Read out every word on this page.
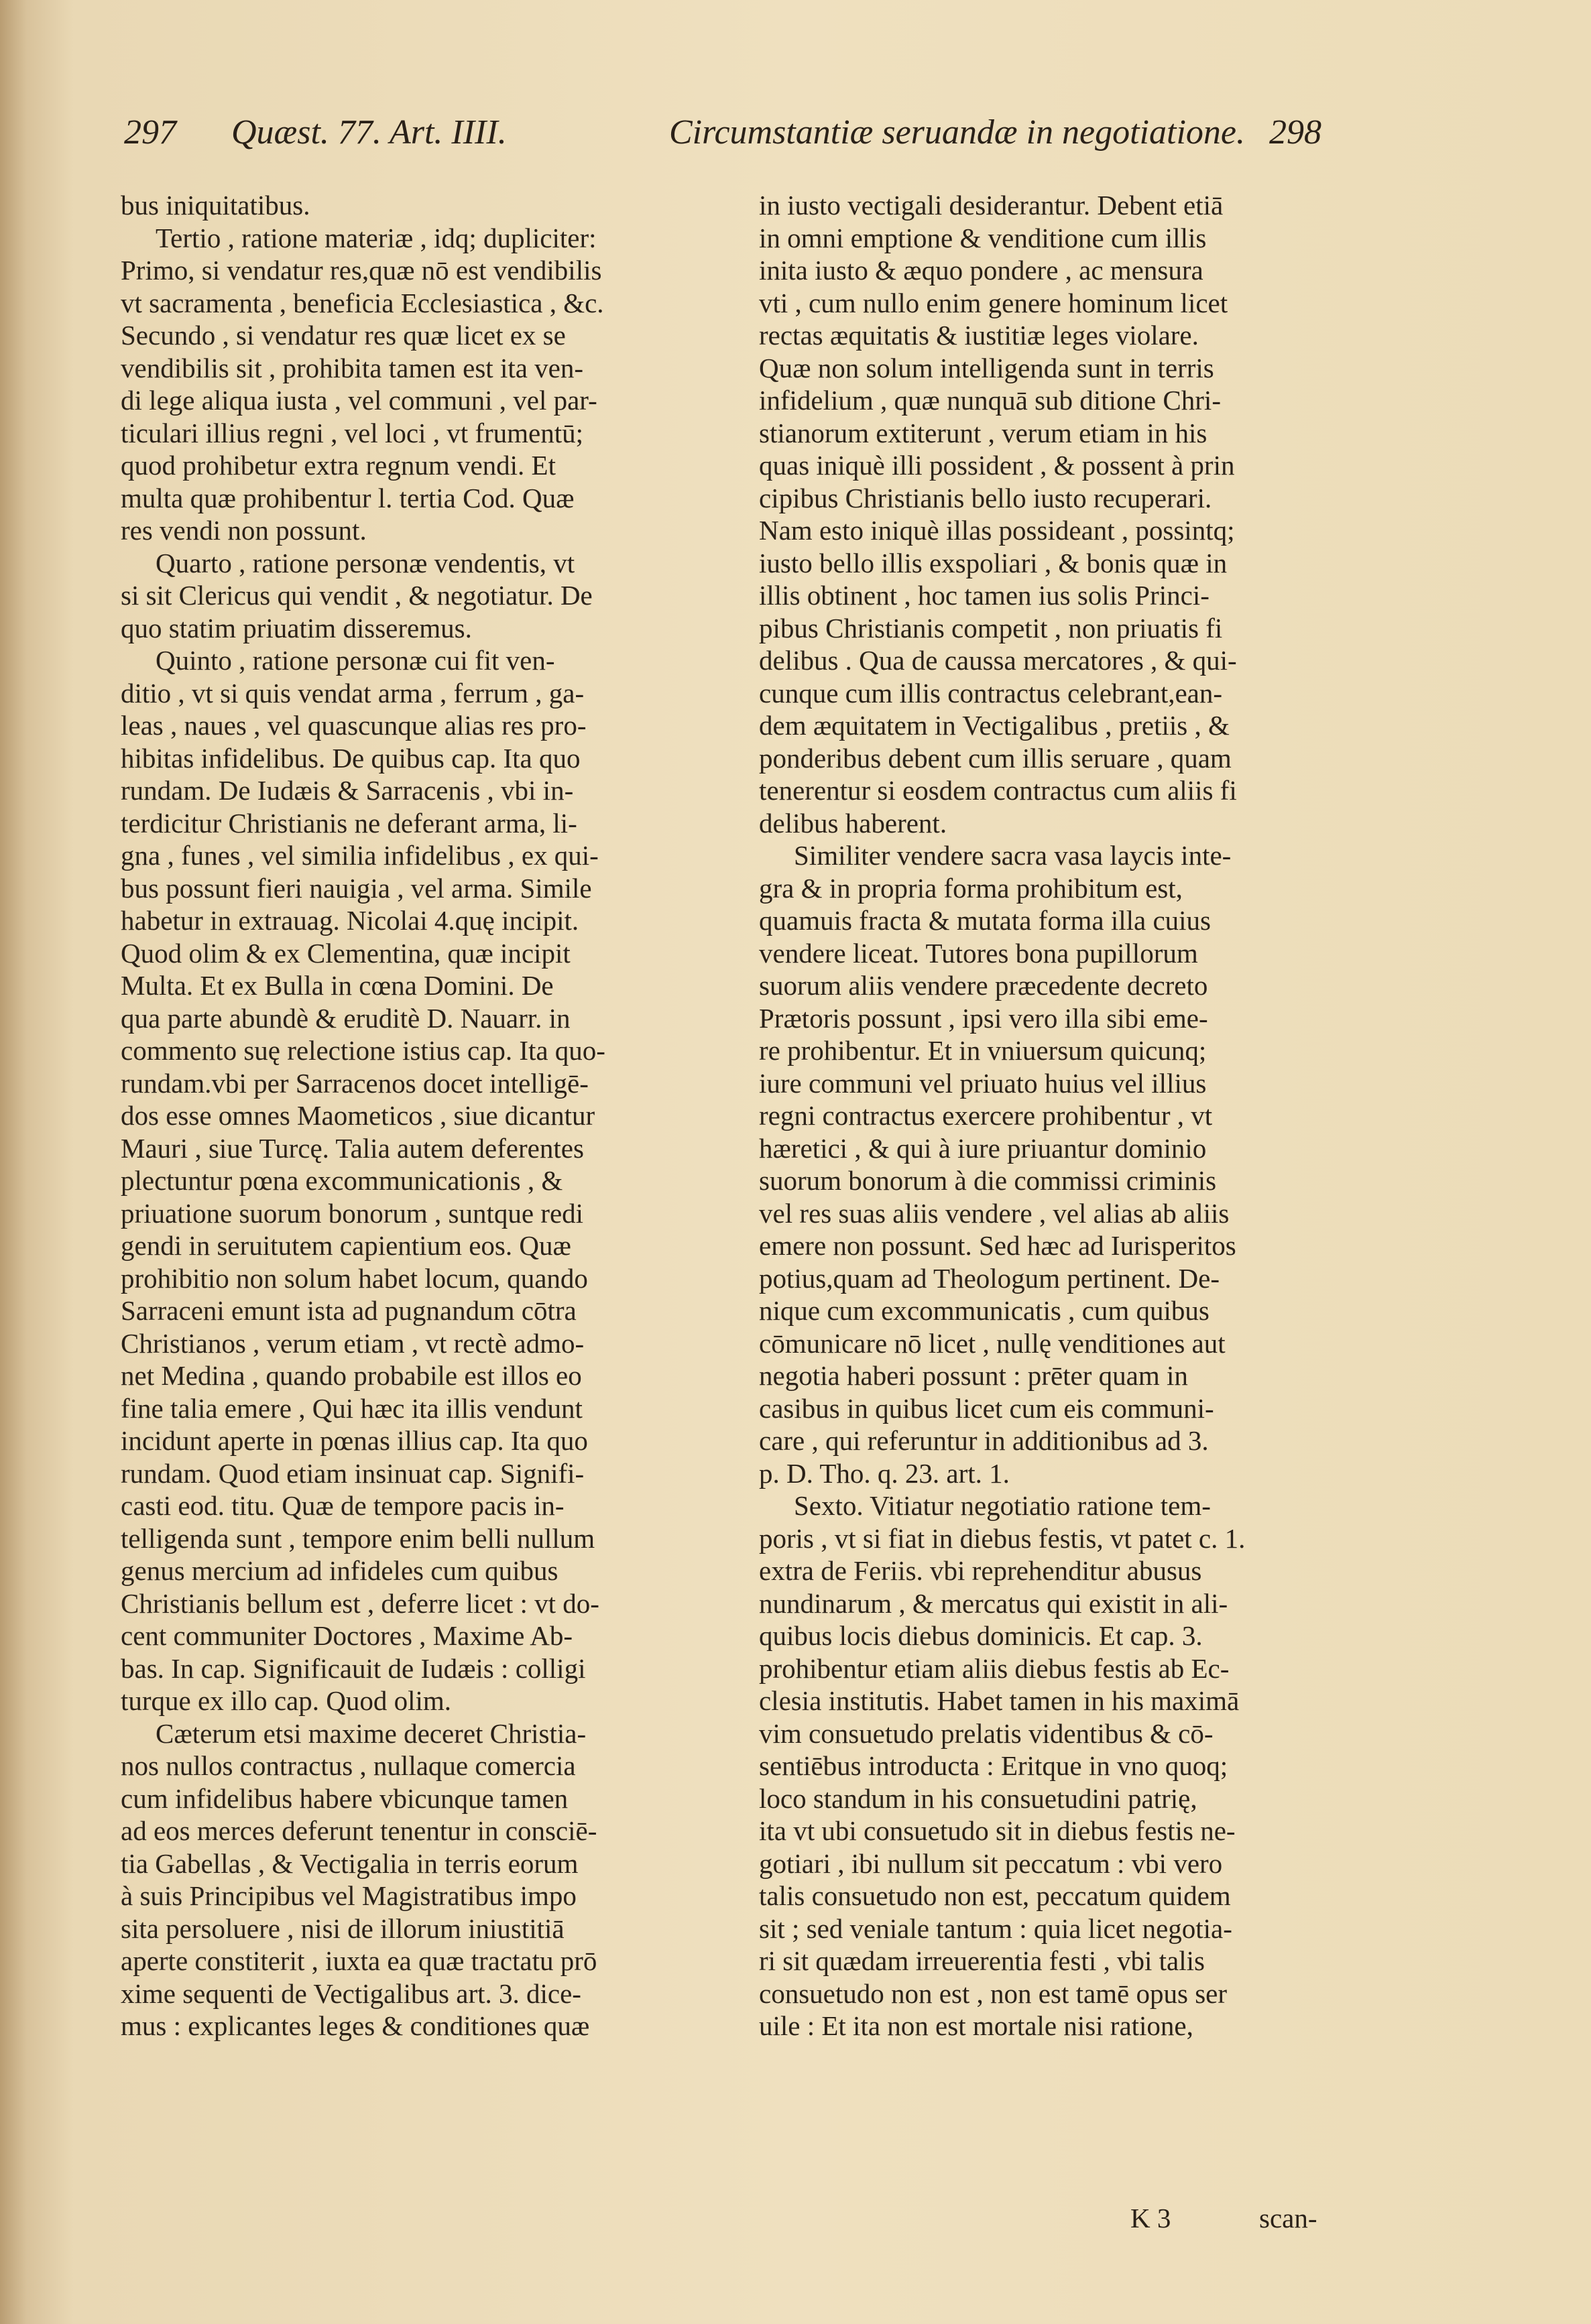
297 Quæst. 77. Art. IIII.	Circumstantiæ seruandæ in negotiatione. 298
bus iniquitatibus.
Tertio , ratione materiæ , idq; dupliciter:
Primo, si vendatur res,quæ nō est vendibilis
vt sacramenta , beneficia Ecclesiastica , &c.
Secundo , si vendatur res quæ licet ex se
vendibilis sit , prohibita tamen est ita ven-
di lege aliqua iusta , vel communi , vel par-
ticulari illius regni , vel loci , vt frumentū;
quod prohibetur extra regnum vendi. Et
multa quæ prohibentur l. tertia Cod. Quæ
res vendi non possunt.
Quarto , ratione personæ vendentis, vt
si sit Clericus qui vendit , & negotiatur. De
quo statim priuatim disseremus.
Quinto , ratione personæ cui fit ven-
ditio , vt si quis vendat arma , ferrum , ga-
leas , naues , vel quascunque alias res pro-
hibitas infidelibus. De quibus cap. Ita quo
rundam. De Iudæis & Sarracenis , vbi in-
terdicitur Christianis ne deferant arma, li-
gna , funes , vel similia infidelibus , ex qui-
bus possunt fieri nauigia , vel arma. Simile
habetur in extrauag. Nicolai 4.quę incipit.
Quod olim & ex Clementina, quæ incipit
Multa. Et ex Bulla in cœna Domini. De
qua parte abundè & eruditè D. Nauarr. in
commento suę relectione istius cap. Ita quo-
rundam.vbi per Sarracenos docet intelligē-
dos esse omnes Maometicos , siue dicantur
Mauri , siue Turcę. Talia autem deferentes
plectuntur pœna excommunicationis , &
priuatione suorum bonorum , suntque redi
gendi in seruitutem capientium eos. Quæ
prohibitio non solum habet locum, quando
Sarraceni emunt ista ad pugnandum cōtra
Christianos , verum etiam , vt rectè admo-
net Medina , quando probabile est illos eo
fine talia emere , Qui hæc ita illis vendunt
incidunt aperte in pœnas illius cap. Ita quo
rundam. Quod etiam insinuat cap. Signifi-
casti eod. titu. Quæ de tempore pacis in-
telligenda sunt , tempore enim belli nullum
genus mercium ad infideles cum quibus
Christianis bellum est , deferre licet : vt do-
cent communiter Doctores , Maxime Ab-
bas. In cap. Significauit de Iudæis : colligi
turque ex illo cap. Quod olim.
Cæterum etsi maxime deceret Christia-
nos nullos contractus , nullaque comercia
cum infidelibus habere vbicunque tamen
ad eos merces deferunt tenentur in consciē-
tia Gabellas , & Vectigalia in terris eorum
à suis Principibus vel Magistratibus impo
sita persoluere , nisi de illorum iniustitiā
aperte constiterit , iuxta ea quæ tractatu prō
xime sequenti de Vectigalibus art. 3. dice-
mus : explicantes leges & conditiones quæ
in iusto vectigali desiderantur. Debent etiā
in omni emptione & venditione cum illis
inita iusto & æquo pondere , ac mensura
vti , cum nullo enim genere hominum licet
rectas æquitatis & iustitiæ leges violare.
Quæ non solum intelligenda sunt in terris
infidelium , quæ nunquā sub ditione Chri-
stianorum extiterunt , verum etiam in his
quas iniquè illi possident , & possent à prin
cipibus Christianis bello iusto recuperari.
Nam esto iniquè illas possideant , possintq;
iusto bello illis exspoliari , & bonis quæ in
illis obtinent , hoc tamen ius solis Princi-
pibus Christianis competit , non priuatis fi
delibus . Qua de caussa mercatores , & qui-
cunque cum illis contractus celebrant,ean-
dem æquitatem in Vectigalibus , pretiis , &
ponderibus debent cum illis seruare , quam
tenerentur si eosdem contractus cum aliis fi
delibus haberent.
Similiter vendere sacra vasa laycis inte-
gra & in propria forma prohibitum est,
quamuis fracta & mutata forma illa cuius
vendere liceat. Tutores bona pupillorum
suorum aliis vendere præcedente decreto
Prætoris possunt , ipsi vero illa sibi eme-
re prohibentur. Et in vniuersum quicunq;
iure communi vel priuato huius vel illius
regni contractus exercere prohibentur , vt
hæretici , & qui à iure priuantur dominio
suorum bonorum à die commissi criminis
vel res suas aliis vendere , vel alias ab aliis
emere non possunt. Sed hæc ad Iurisperitos
potius,quam ad Theologum pertinent. De-
nique cum excommunicatis , cum quibus
cōmunicare nō licet , nullę venditiones aut
negotia haberi possunt : prēter quam in
casibus in quibus licet cum eis communi-
care , qui referuntur in additionibus ad 3.
p. D. Tho. q. 23. art. 1.
Sexto. Vitiatur negotiatio ratione tem-
poris , vt si fiat in diebus festis, vt patet c. 1.
extra de Feriis. vbi reprehenditur abusus
nundinarum , & mercatus qui existit in ali-
quibus locis diebus dominicis. Et cap. 3.
prohibentur etiam aliis diebus festis ab Ec-
clesia institutis. Habet tamen in his maximā
vim consuetudo prelatis videntibus & cō-
sentiēbus introducta : Eritque in vno quoq;
loco standum in his consuetudini patrię,
ita vt ubi consuetudo sit in diebus festis ne-
gotiari , ibi nullum sit peccatum : vbi vero
talis consuetudo non est, peccatum quidem
sit ; sed veniale tantum : quia licet negotia-
ri sit quædam irreuerentia festi , vbi talis
consuetudo non est , non est tamē opus ser
uile : Et ita non est mortale nisi ratione,
K 3	scan-
